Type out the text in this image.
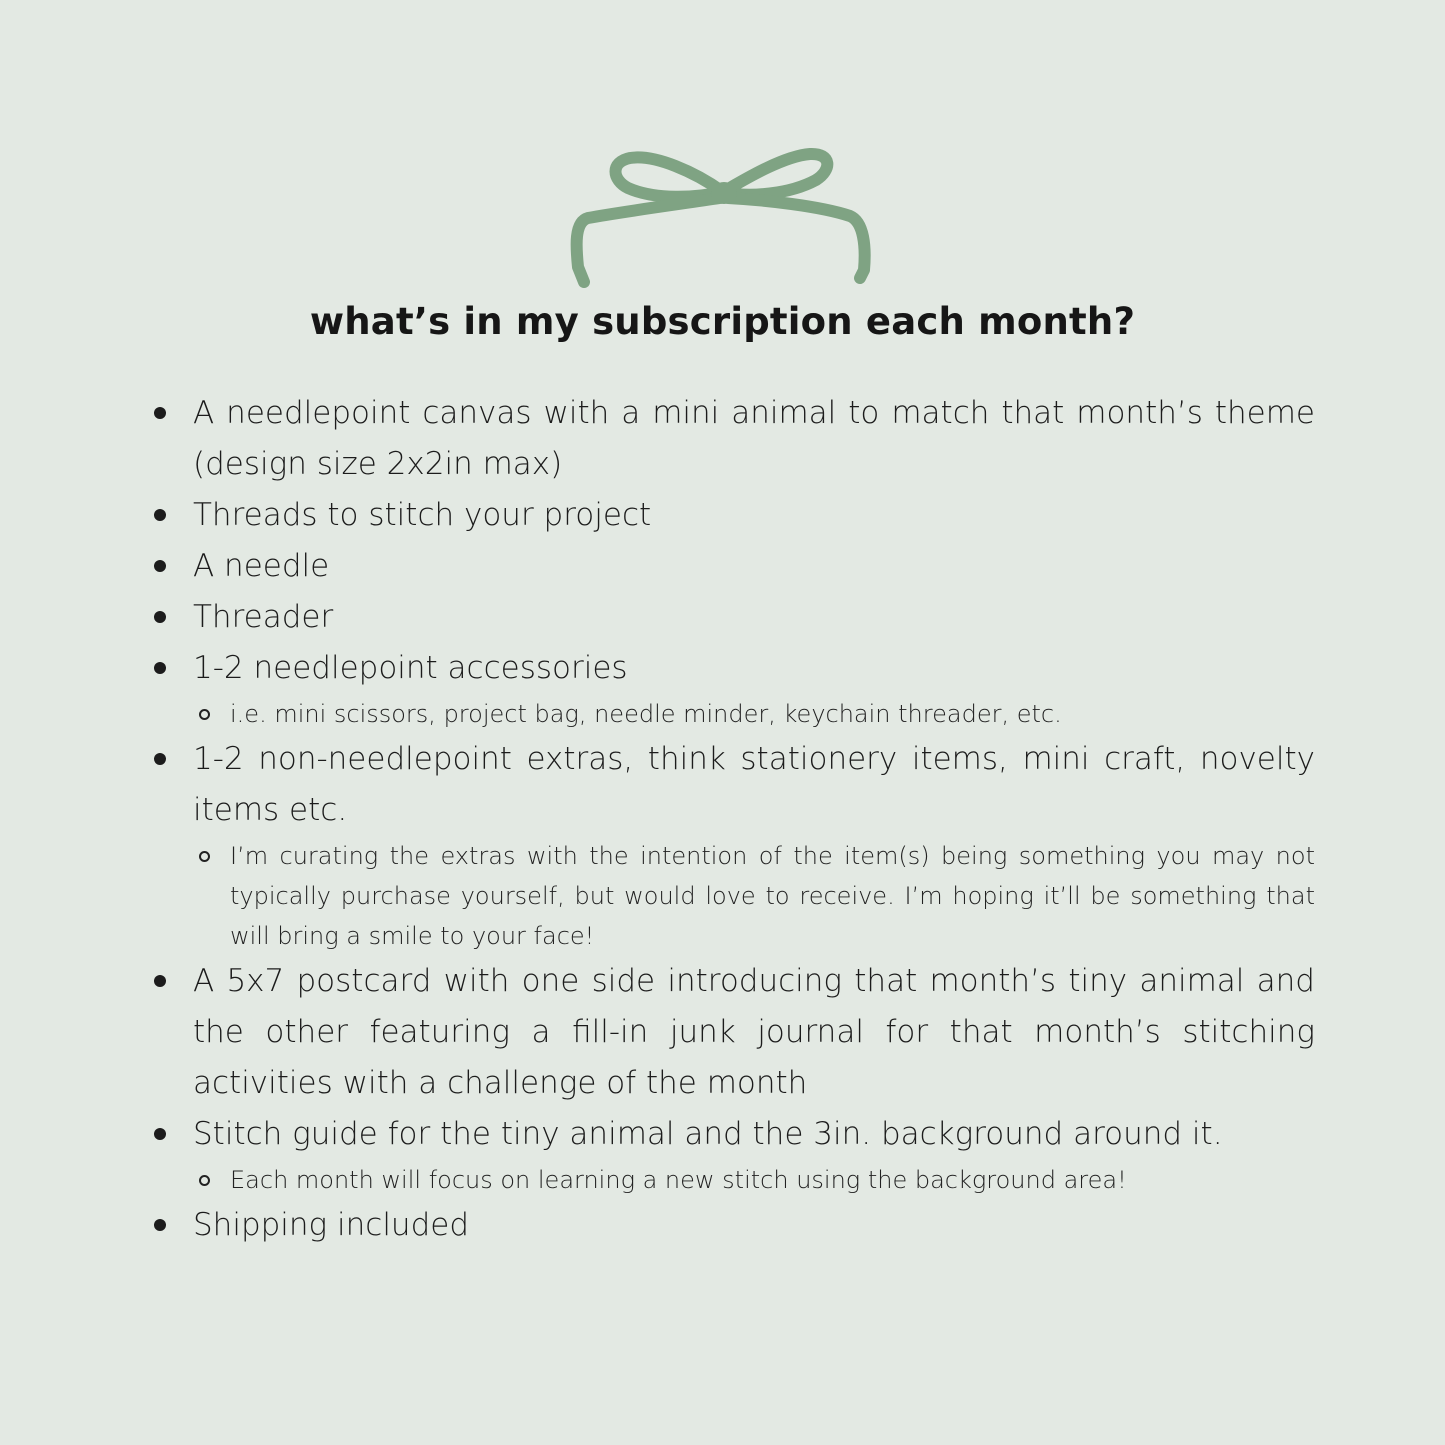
what’s in my subscription each month?
A needlepoint canvas with a mini animal to match that month’s theme (design size 2x2in max)
Threads to stitch your project
A needle
Threader
1-2 needlepoint accessories
i.e. mini scissors, project bag, needle minder, keychain threader, etc.
1-2 non-needlepoint extras, think stationery items, mini craft, novelty items etc.
I’m curating the extras with the intention of the item(s) being something you may not typically purchase yourself, but would love to receive. I’m hoping it’ll be something that will bring a smile to your face!
A 5x7 postcard with one side introducing that month’s tiny animal and the other featuring a fill-in junk journal for that month’s stitching activities with a challenge of the month
Stitch guide for the tiny animal and the 3in. background around it.
Each month will focus on learning a new stitch using the background area!
Shipping included
